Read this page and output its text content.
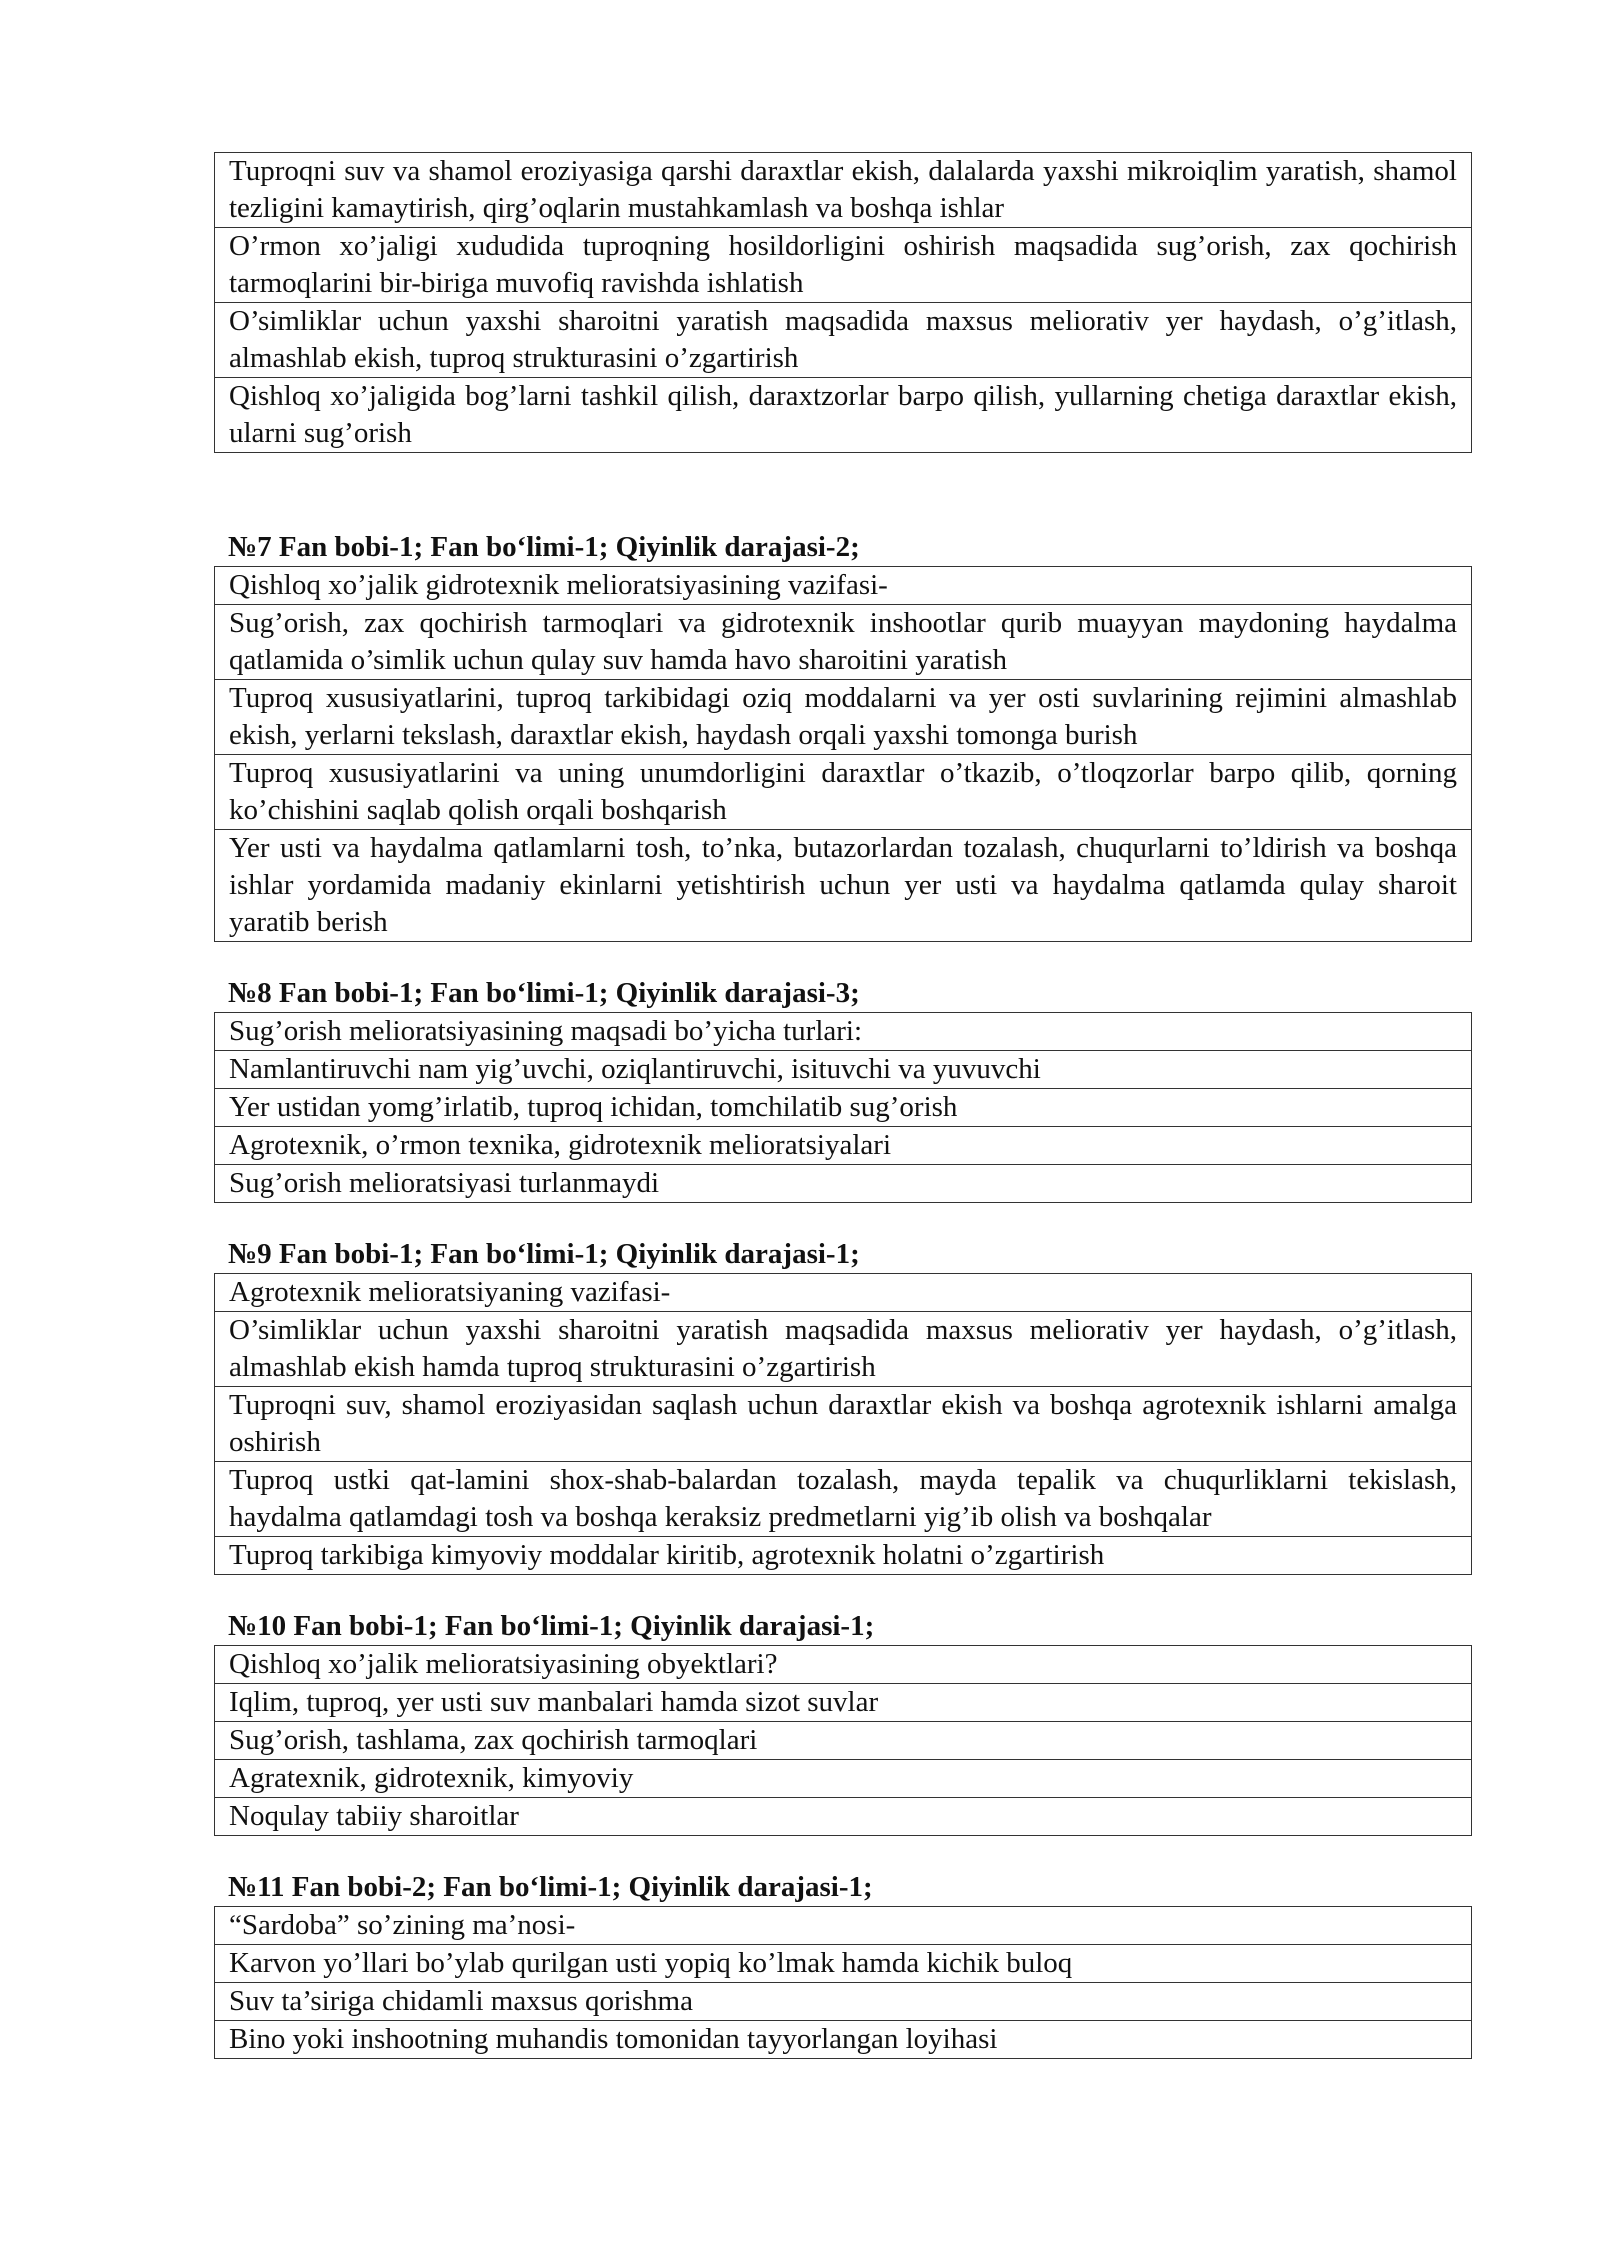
Tuproqni suv va shamol eroziyasiga qarshi daraxtlar ekish, dalalarda yaxshi mikroiqlim yaratish, shamol tezligini kamaytirish, qirg’oqlarin mustahkamlash va boshqa ishlar
O’rmon xo’jaligi xududida tuproqning hosildorligini oshirish maqsadida sug’orish, zax qochirish tarmoqlarini bir-biriga muvofiq ravishda ishlatish
O’simliklar uchun yaxshi sharoitni yaratish maqsadida maxsus meliorativ yer haydash, o’g’itlash, almashlab ekish, tuproq strukturasini o’zgartirish
Qishloq xo’jaligida bog’larni tashkil qilish, daraxtzorlar barpo qilish, yullarning chetiga daraxtlar ekish, ularni sug’orish
№7 Fan bobi-1; Fan bo‘limi-1; Qiyinlik darajasi-2;
Qishloq xo’jalik gidrotexnik melioratsiyasining vazifasi-
Sug’orish, zax qochirish tarmoqlari va gidrotexnik inshootlar qurib muayyan maydoning haydalma qatlamida o’simlik uchun qulay suv hamda havo sharoitini yaratish
Tuproq xususiyatlarini, tuproq tarkibidagi oziq moddalarni va yer osti suvlarining rejimini almashlab ekish, yerlarni tekslash, daraxtlar ekish, haydash orqali yaxshi tomonga burish
Tuproq xususiyatlarini va uning unumdorligini daraxtlar o’tkazib, o’tloqzorlar barpo qilib, qorning ko’chishini saqlab qolish orqali boshqarish
Yer usti va haydalma qatlamlarni tosh, to’nka, butazorlardan tozalash, chuqurlarni to’ldirish va boshqa ishlar yordamida madaniy ekinlarni yetishtirish uchun yer usti va haydalma qatlamda qulay sharoit yaratib berish
№8 Fan bobi-1; Fan bo‘limi-1; Qiyinlik darajasi-3;
Sug’orish melioratsiyasining maqsadi bo’yicha turlari:
Namlantiruvchi nam yig’uvchi, oziqlantiruvchi, isituvchi va yuvuvchi
Yer ustidan yomg’irlatib, tuproq ichidan, tomchilatib sug’orish
Agrotexnik, o’rmon texnika, gidrotexnik melioratsiyalari
Sug’orish melioratsiyasi turlanmaydi
№9 Fan bobi-1; Fan bo‘limi-1; Qiyinlik darajasi-1;
Agrotexnik melioratsiyaning vazifasi-
O’simliklar uchun yaxshi sharoitni yaratish maqsadida maxsus meliorativ yer haydash, o’g’itlash, almashlab ekish hamda tuproq strukturasini o’zgartirish
Tuproqni suv, shamol eroziyasidan saqlash uchun daraxtlar ekish va boshqa agrotexnik ishlarni amalga oshirish
Tuproq ustki qat-lamini shox-shab-balardan tozalash, mayda tepalik va chuqurliklarni tekislash, haydalma qatlamdagi tosh va boshqa keraksiz predmetlarni yig’ib olish va boshqalar
Tuproq tarkibiga kimyoviy moddalar kiritib, agrotexnik holatni o’zgartirish
№10 Fan bobi-1; Fan bo‘limi-1; Qiyinlik darajasi-1;
Qishloq xo’jalik melioratsiyasining obyektlari?
Iqlim, tuproq, yer usti suv manbalari hamda sizot suvlar
Sug’orish, tashlama, zax qochirish tarmoqlari
Agratexnik, gidrotexnik, kimyoviy
Noqulay tabiiy sharoitlar
№11 Fan bobi-2; Fan bo‘limi-1; Qiyinlik darajasi-1;
“Sardoba” so’zining ma’nosi-
Karvon yo’llari bo’ylab qurilgan usti yopiq ko’lmak hamda kichik buloq
Suv ta’siriga chidamli maxsus qorishma
Bino yoki inshootning muhandis tomonidan tayyorlangan loyihasi
